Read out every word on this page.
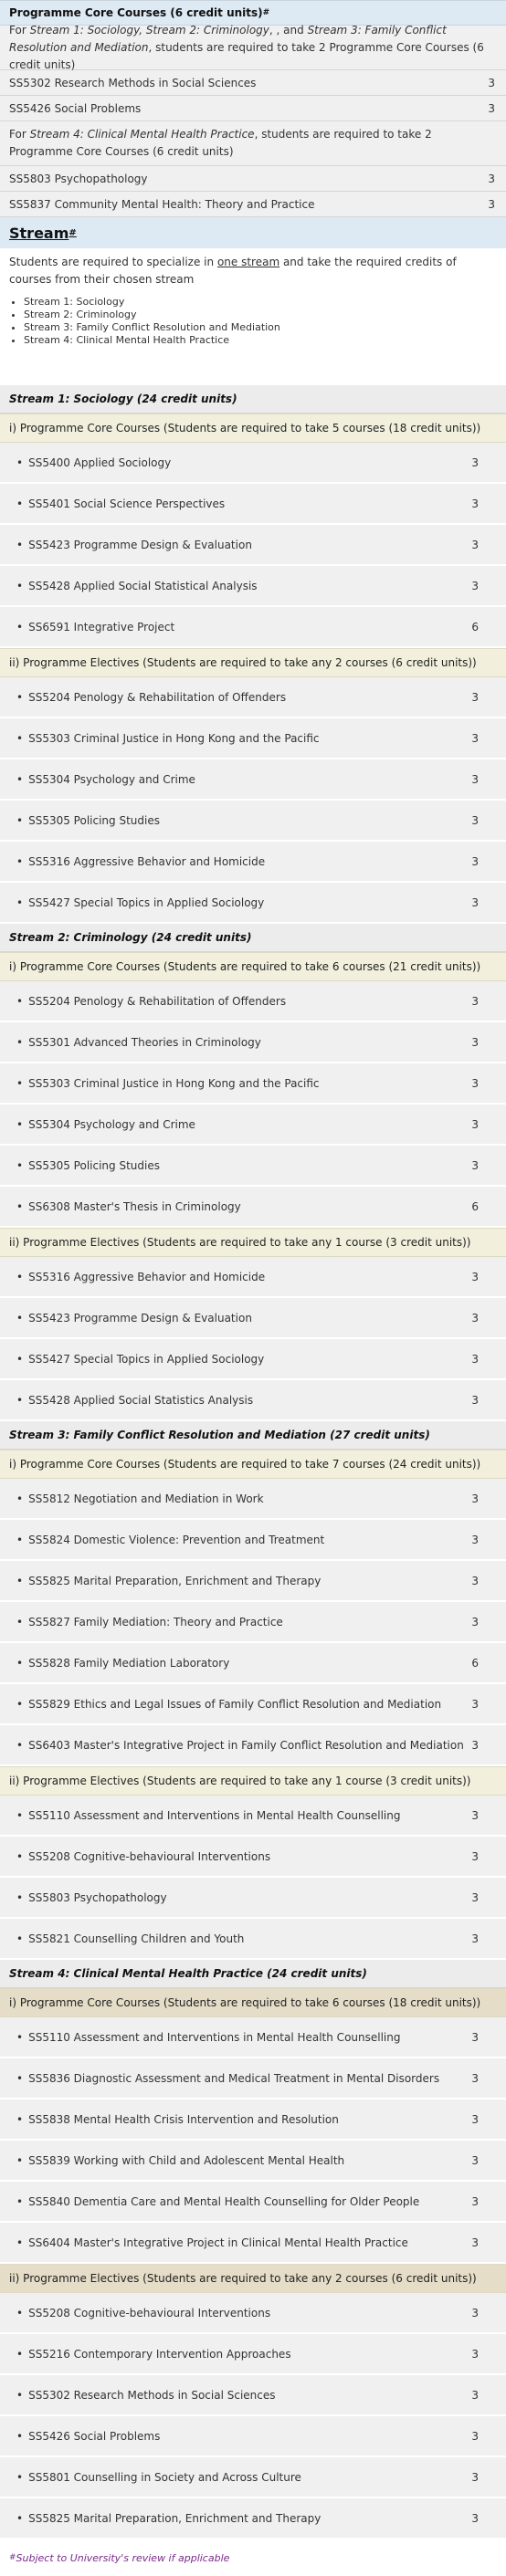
Programme Core Courses (6 credit units) #
For Stream 1: Sociology, Stream 2: Criminology, , and Stream 3: Family Conflict Resolution and Mediation, students are required to take 2 Programme Core Courses (6 credit units)
SS5302 Research Methods in Social Sciences	3
SS5426 Social Problems	3
For Stream 4: Clinical Mental Health Practice, students are required to take 2 Programme Core Courses (6 credit units)
SS5803 Psychopathology	3
SS5837 Community Mental Health: Theory and Practice	3
Stream #
Students are required to specialize in one stream and take the required credits of courses from their chosen stream
• Stream 1: Sociology
• Stream 2: Criminology
• Stream 3: Family Conflict Resolution and Mediation
• Stream 4: Clinical Mental Health Practice
Stream 1: Sociology (24 credit units)
i) Programme Core Courses (Students are required to take 5 courses (18 credit units))
• SS5400 Applied Sociology	3
• SS5401 Social Science Perspectives	3
• SS5423 Programme Design & Evaluation	3
• SS5428 Applied Social Statistical Analysis	3
• SS6591 Integrative Project	6
ii) Programme Electives (Students are required to take any 2 courses (6 credit units))
• SS5204 Penology & Rehabilitation of Offenders	3
• SS5303 Criminal Justice in Hong Kong and the Pacific	3
• SS5304 Psychology and Crime	3
• SS5305 Policing Studies	3
• SS5316 Aggressive Behavior and Homicide	3
• SS5427 Special Topics in Applied Sociology	3
Stream 2: Criminology (24 credit units)
i) Programme Core Courses (Students are required to take 6 courses (21 credit units))
• SS5204 Penology & Rehabilitation of Offenders	3
• SS5301 Advanced Theories in Criminology	3
• SS5303 Criminal Justice in Hong Kong and the Pacific	3
• SS5304 Psychology and Crime	3
• SS5305 Policing Studies	3
• SS6308 Master's Thesis in Criminology	6
ii) Programme Electives (Students are required to take any 1 course (3 credit units))
• SS5316 Aggressive Behavior and Homicide	3
• SS5423 Programme Design & Evaluation	3
• SS5427 Special Topics in Applied Sociology	3
• SS5428 Applied Social Statistics Analysis	3
Stream 3: Family Conflict Resolution and Mediation (27 credit units)
i) Programme Core Courses (Students are required to take 7 courses (24 credit units))
• SS5812 Negotiation and Mediation in Work	3
• SS5824 Domestic Violence: Prevention and Treatment	3
• SS5825 Marital Preparation, Enrichment and Therapy	3
• SS5827 Family Mediation: Theory and Practice	3
• SS5828 Family Mediation Laboratory	6
• SS5829 Ethics and Legal Issues of Family Conflict Resolution and Mediation	3
• SS6403 Master's Integrative Project in Family Conflict Resolution and Mediation 3
ii) Programme Electives (Students are required to take any 1 course (3 credit units))
• SS5110 Assessment and Interventions in Mental Health Counselling	3
• SS5208 Cognitive-behavioural Interventions	3
• SS5803 Psychopathology	3
• SS5821 Counselling Children and Youth	3
Stream 4: Clinical Mental Health Practice (24 credit units)
i) Programme Core Courses (Students are required to take 6 courses (18 credit units))
• SS5110 Assessment and Interventions in Mental Health Counselling	3
• SS5836 Diagnostic Assessment and Medical Treatment in Mental Disorders	3
• SS5838 Mental Health Crisis Intervention and Resolution	3
• SS5839 Working with Child and Adolescent Mental Health	3
• SS5840 Dementia Care and Mental Health Counselling for Older People	3
• SS6404 Master's Integrative Project in Clinical Mental Health Practice	3
ii) Programme Electives (Students are required to take any 2 courses (6 credit units))
• SS5208 Cognitive-behavioural Interventions	3
• SS5216 Contemporary Intervention Approaches	3
• SS5302 Research Methods in Social Sciences	3
• SS5426 Social Problems	3
• SS5801 Counselling in Society and Across Culture	3
• SS5825 Marital Preparation, Enrichment and Therapy	3
# Subject to University's review if applicable
